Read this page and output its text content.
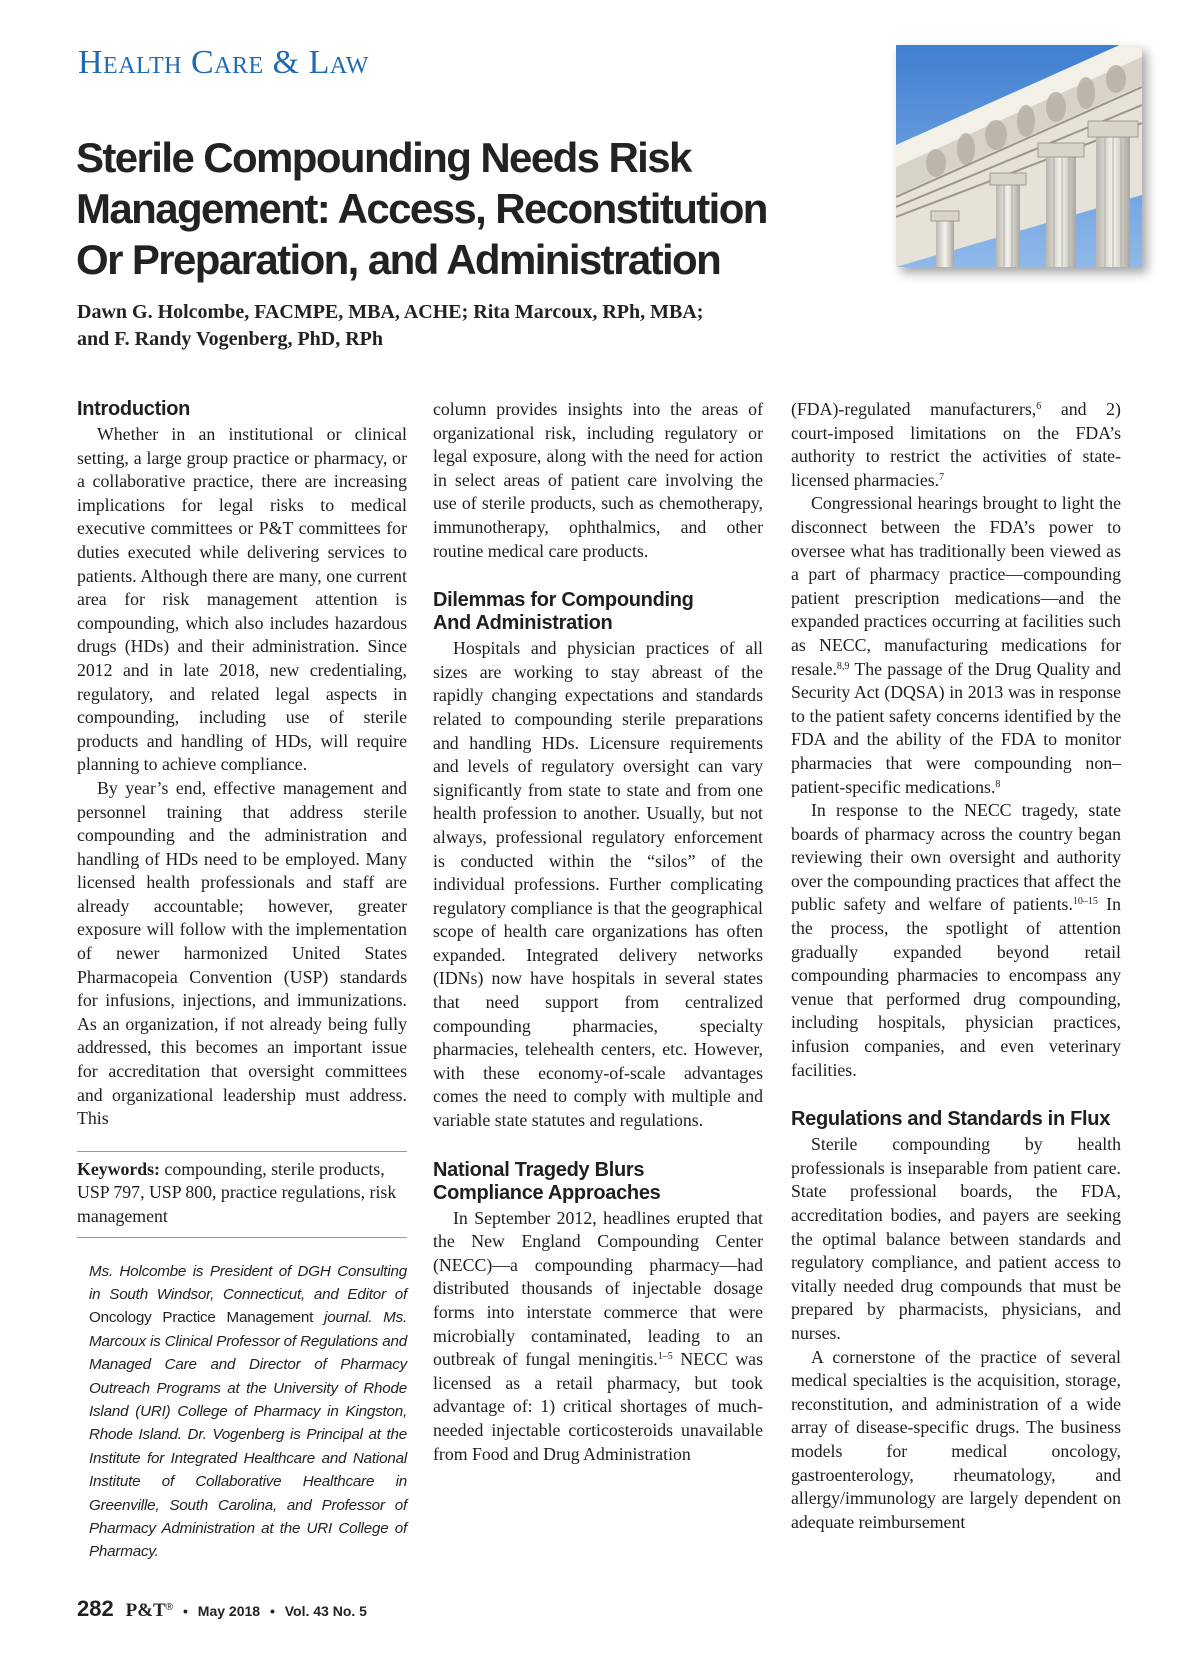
Health Care & Law
Sterile Compounding Needs Risk
Management: Access, Reconstitution
Or Preparation, and Administration
Dawn G. Holcombe, FACMPE, MBA, ACHE; Rita Marcoux, RPh, MBA;
and F. Randy Vogenberg, PhD, RPh
Introduction

Whether in an institutional or clinical setting, a large group practice or pharmacy, or a collaborative practice, there are increasing implications for legal risks to medical executive committees or P&T committees for duties executed while delivering services to patients. Although there are many, one current area for risk management attention is compounding, which also includes hazardous drugs (HDs) and their administration. Since 2012 and in late 2018, new credentialing, regulatory, and related legal aspects in compounding, including use of sterile products and handling of HDs, will require planning to achieve compliance.

By year’s end, effective management and personnel training that address sterile compounding and the administration and handling of HDs need to be employed. Many licensed health professionals and staff are already accountable; however, greater exposure will follow with the implementation of newer harmonized United States Pharmacopeia Convention (USP) standards for infusions, injections, and immunizations. As an organization, if not already being fully addressed, this becomes an important issue for accreditation that oversight committees and organizational leadership must address. This

Keywords: compounding, sterile products, USP 797, USP 800, practice regulations, risk management
Ms. Holcombe is President of DGH Consulting in South Windsor, Connecticut, and Editor of Oncology Practice Management journal. Ms. Marcoux is Clinical Professor of Regulations and Managed Care and Director of Pharmacy Outreach Programs at the University of Rhode Island (URI) College of Pharmacy in Kingston, Rhode Island. Dr. Vogenberg is Principal at the Institute for Integrated Healthcare and National Institute of Collaborative Healthcare in Greenville, South Carolina, and Professor of Pharmacy Administration at the URI College of Pharmacy.

column provides insights into the areas of organizational risk, including regulatory or legal exposure, along with the need for action in select areas of patient care involving the use of sterile products, such as chemotherapy, immunotherapy, ophthalmics, and other routine medical care products.

Dilemmas for Compounding
And Administration

Hospitals and physician practices of all sizes are working to stay abreast of the rapidly changing expectations and standards related to compounding sterile preparations and handling HDs. Licensure requirements and levels of regulatory oversight can vary significantly from state to state and from one health profession to another. Usually, but not always, professional regulatory enforcement is conducted within the “silos” of the individual professions. Further complicating regulatory compliance is that the geographical scope of health care organizations has often expanded. Integrated delivery networks (IDNs) now have hospitals in several states that need support from centralized compounding pharmacies, specialty pharmacies, telehealth centers, etc. However, with these economy-of-scale advantages comes the need to comply with multiple and variable state statutes and regulations.

National Tragedy Blurs
Compliance Approaches

In September 2012, headlines erupted that the New England Compounding Center (NECC)—a compounding pharmacy—had distributed thousands of injectable dosage forms into interstate commerce that were microbially contaminated, leading to an outbreak of fungal meningitis.$^{1-5}$ NECC was licensed as a retail pharmacy, but took advantage of: 1) critical shortages of much-needed injectable corticosteroids unavailable from Food and Drug Administration

(FDA)-regulated manufacturers,$^6$ and 2) court-imposed limitations on the FDA’s authority to restrict the activities of state-licensed pharmacies.$^7$

Congressional hearings brought to light the disconnect between the FDA’s power to oversee what has traditionally been viewed as a part of pharmacy practice—compounding patient prescription medications—and the expanded practices occurring at facilities such as NECC, manufacturing medications for resale.$^{8,9}$ The passage of the Drug Quality and Security Act (DQSA) in 2013 was in response to the patient safety concerns identified by the FDA and the ability of the FDA to monitor pharmacies that were compounding non–patient-specific medications.$^8$

In response to the NECC tragedy, state boards of pharmacy across the country began reviewing their own oversight and authority over the compounding practices that affect the public safety and welfare of patients.$^{10-15}$ In the process, the spotlight of attention gradually expanded beyond retail compounding pharmacies to encompass any venue that performed drug compounding, including hospitals, physician practices, infusion companies, and even veterinary facilities.

Regulations and Standards in Flux

Sterile compounding by health professionals is inseparable from patient care. State professional boards, the FDA, accreditation bodies, and payers are seeking the optimal balance between standards and regulatory compliance, and patient access to vitally needed drug compounds that must be prepared by pharmacists, physicians, and nurses.

A cornerstone of the practice of several medical specialties is the acquisition, storage, reconstitution, and administration of a wide array of disease-specific drugs. The business models for medical oncology, gastroenterology, rheumatology, and allergy/immunology are largely dependent on adequate reimbursement

282 P&T® • May 2018 • Vol. 43 No. 5
